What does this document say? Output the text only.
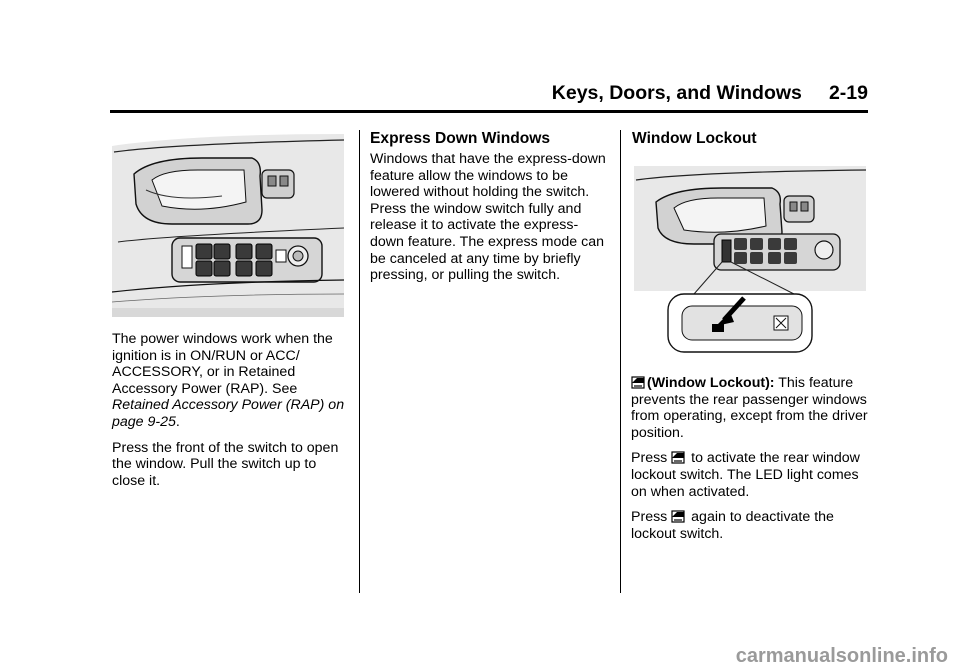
Keys, Doors, and Windows     2-19

The power windows work when the ignition is in ON/RUN or ACC/ ACCESSORY, or in Retained Accessory Power (RAP). See Retained Accessory Power (RAP) on page 9-25.

Press the front of the switch to open the window. Pull the switch up to close it.

Express Down Windows

Windows that have the express-down feature allow the windows to be lowered without holding the switch. Press the window switch fully and release it to activate the express-down feature. The express mode can be canceled at any time by briefly pressing, or pulling the switch.

Window Lockout

(Window Lockout): This feature prevents the rear passenger windows from operating, except from the driver position.

Press  to activate the rear window lockout switch. The LED light comes on when activated.

Press  again to deactivate the lockout switch.

carmanualsonline.info
